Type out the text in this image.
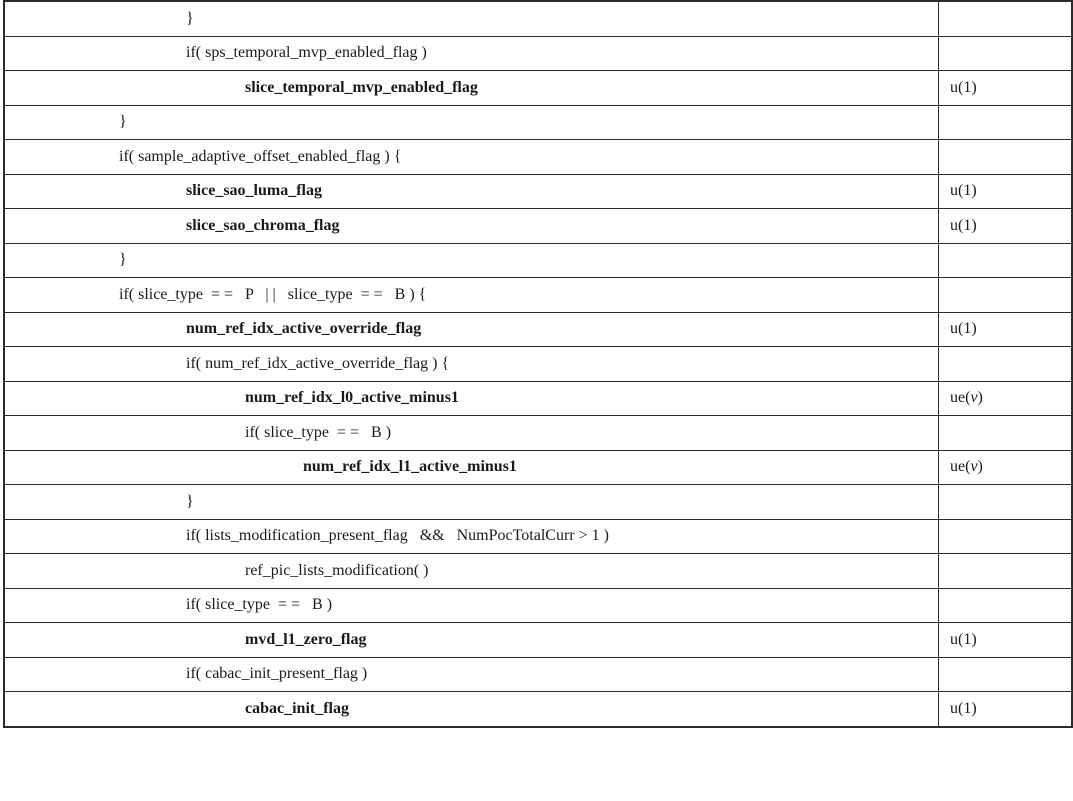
}	
if( sps_temporal_mvp_enabled_flag )	
slice_temporal_mvp_enabled_flag	u(1)
}	
if( sample_adaptive_offset_enabled_flag ) {	
slice_sao_luma_flag	u(1)
slice_sao_chroma_flag	u(1)
}	
if( slice_type  = =   P   | |   slice_type  = =   B ) {	
num_ref_idx_active_override_flag	u(1)
if( num_ref_idx_active_override_flag ) {	
num_ref_idx_l0_active_minus1	ue(v)
if( slice_type  = =   B )	
num_ref_idx_l1_active_minus1	ue(v)
}	
if( lists_modification_present_flag   &&   NumPocTotalCurr > 1 )	
ref_pic_lists_modification( )	
if( slice_type  = =   B )	
mvd_l1_zero_flag	u(1)
if( cabac_init_present_flag )	
cabac_init_flag	u(1)
